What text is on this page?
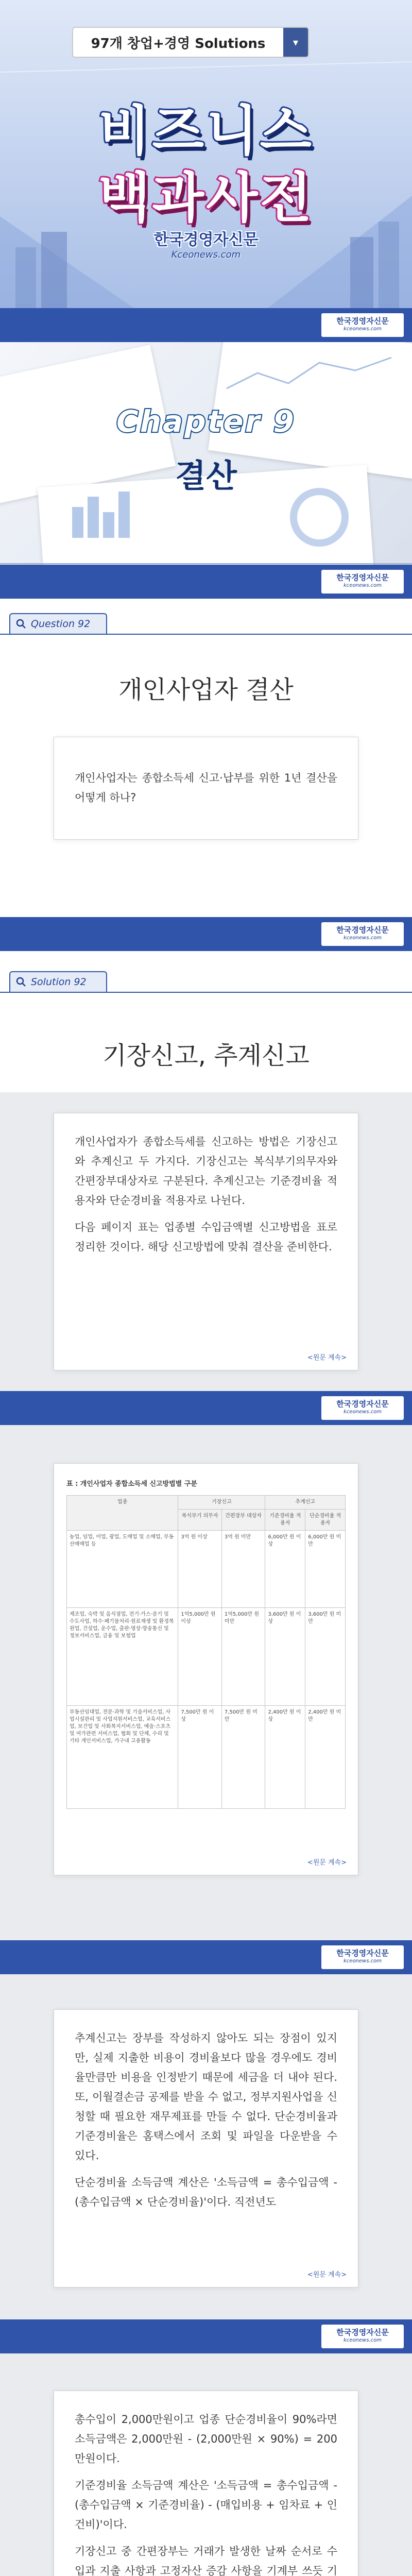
97개 창업+경영 Solutions	▾
비즈니스
백과사전
한국경영자신문
Kceonews.com
한국경영자신문
kceonews.com
Chapter 9
결산
한국경영자신문
kceonews.com
Question 92
개인사업자 결산

개인사업자는 종합소득세 신고·납부를 위한 1년 결산을 어떻게 하나?

한국경영자신문
kceonews.com
Solution 92
기장신고, 추계신고

개인사업자가 종합소득세를 신고하는 방법은 기장신고와 추계신고 두 가지다. 기장신고는 복식부기의무자와 간편장부대상자로 구분된다. 추계신고는 기준경비율 적용자와 단순경비율 적용자로 나뉜다.

다음 페이지 표는 업종별 수입금액별 신고방법을 표로 정리한 것이다. 해당 신고방법에 맞춰 결산을 준비한다.

<원문 계속>
한국경영자신문
kceonews.com
표 : 개인사업자 종합소득세 신고방법별 구분
업종	기장신고		추계신고	
	복식부기 의무자	간편장부 대상자	기준경비율 적용자	단순경비율 적용자
농업, 임업, 어업, 광업, 도매업 및 소매업, 부동산매매업 등	3억 원 이상	3억 원 미만	6,000만 원 이상	6,000만 원 미만
제조업, 숙박 및 음식점업, 전기·가스·증기 및 수도사업, 하수·폐기물처리·원료재생 및 환경복원업, 건설업, 운수업, 출판·영상·방송통신 및 정보서비스업, 금융 및 보험업	1억5,000만 원 이상	1억5,000만 원 미만	3,600만 원 이상	3,600만 원 미만
부동산임대업, 전문·과학 및 기술서비스업, 사업시설관리 및 사업지원서비스업, 교육서비스업, 보건업 및 사회복지서비스업, 예술·스포츠 및 여가관련 서비스업, 협회 및 단체, 수리 및 기타 개인서비스업, 가구내 고용활동	7,500만 원 이상	7,500만 원 미만	2,400만 원 이상	2,400만 원 미만
<원문 계속>
한국경영자신문
kceonews.com

추계신고는 장부를 작성하지 않아도 되는 장점이 있지만, 실제 지출한 비용이 경비율보다 많을 경우에도 경비율만큼만 비용을 인정받기 때문에 세금을 더 내야 된다. 또, 이월결손금 공제를 받을 수 없고, 정부지원사업을 신청할 때 필요한 재무제표를 만들 수 없다. 단순경비율과 기준경비율은 홈택스에서 조회 및 파일을 다운받을 수 있다.

단순경비율 소득금액 계산은 '소득금액 = 총수입금액 - (총수입금액 × 단순경비율)'이다. 직전년도

<원문 계속>
한국경영자신문
kceonews.com

총수입이 2,000만원이고 업종 단순경비율이 90%라면 소득금액은 2,000만원 - (2,000만원 × 90%) = 200만원이다.

기준경비율 소득금액 계산은 '소득금액 = 총수입금액 - (총수입금액 × 기준경비율) - (매입비용 + 임차료 + 인건비)'이다.

기장신고 중 간편장부는 거래가 발생한 날짜 순서로 수입과 지출 사항과 고정자산 증감 사항을 기계부 쓰듯 기
